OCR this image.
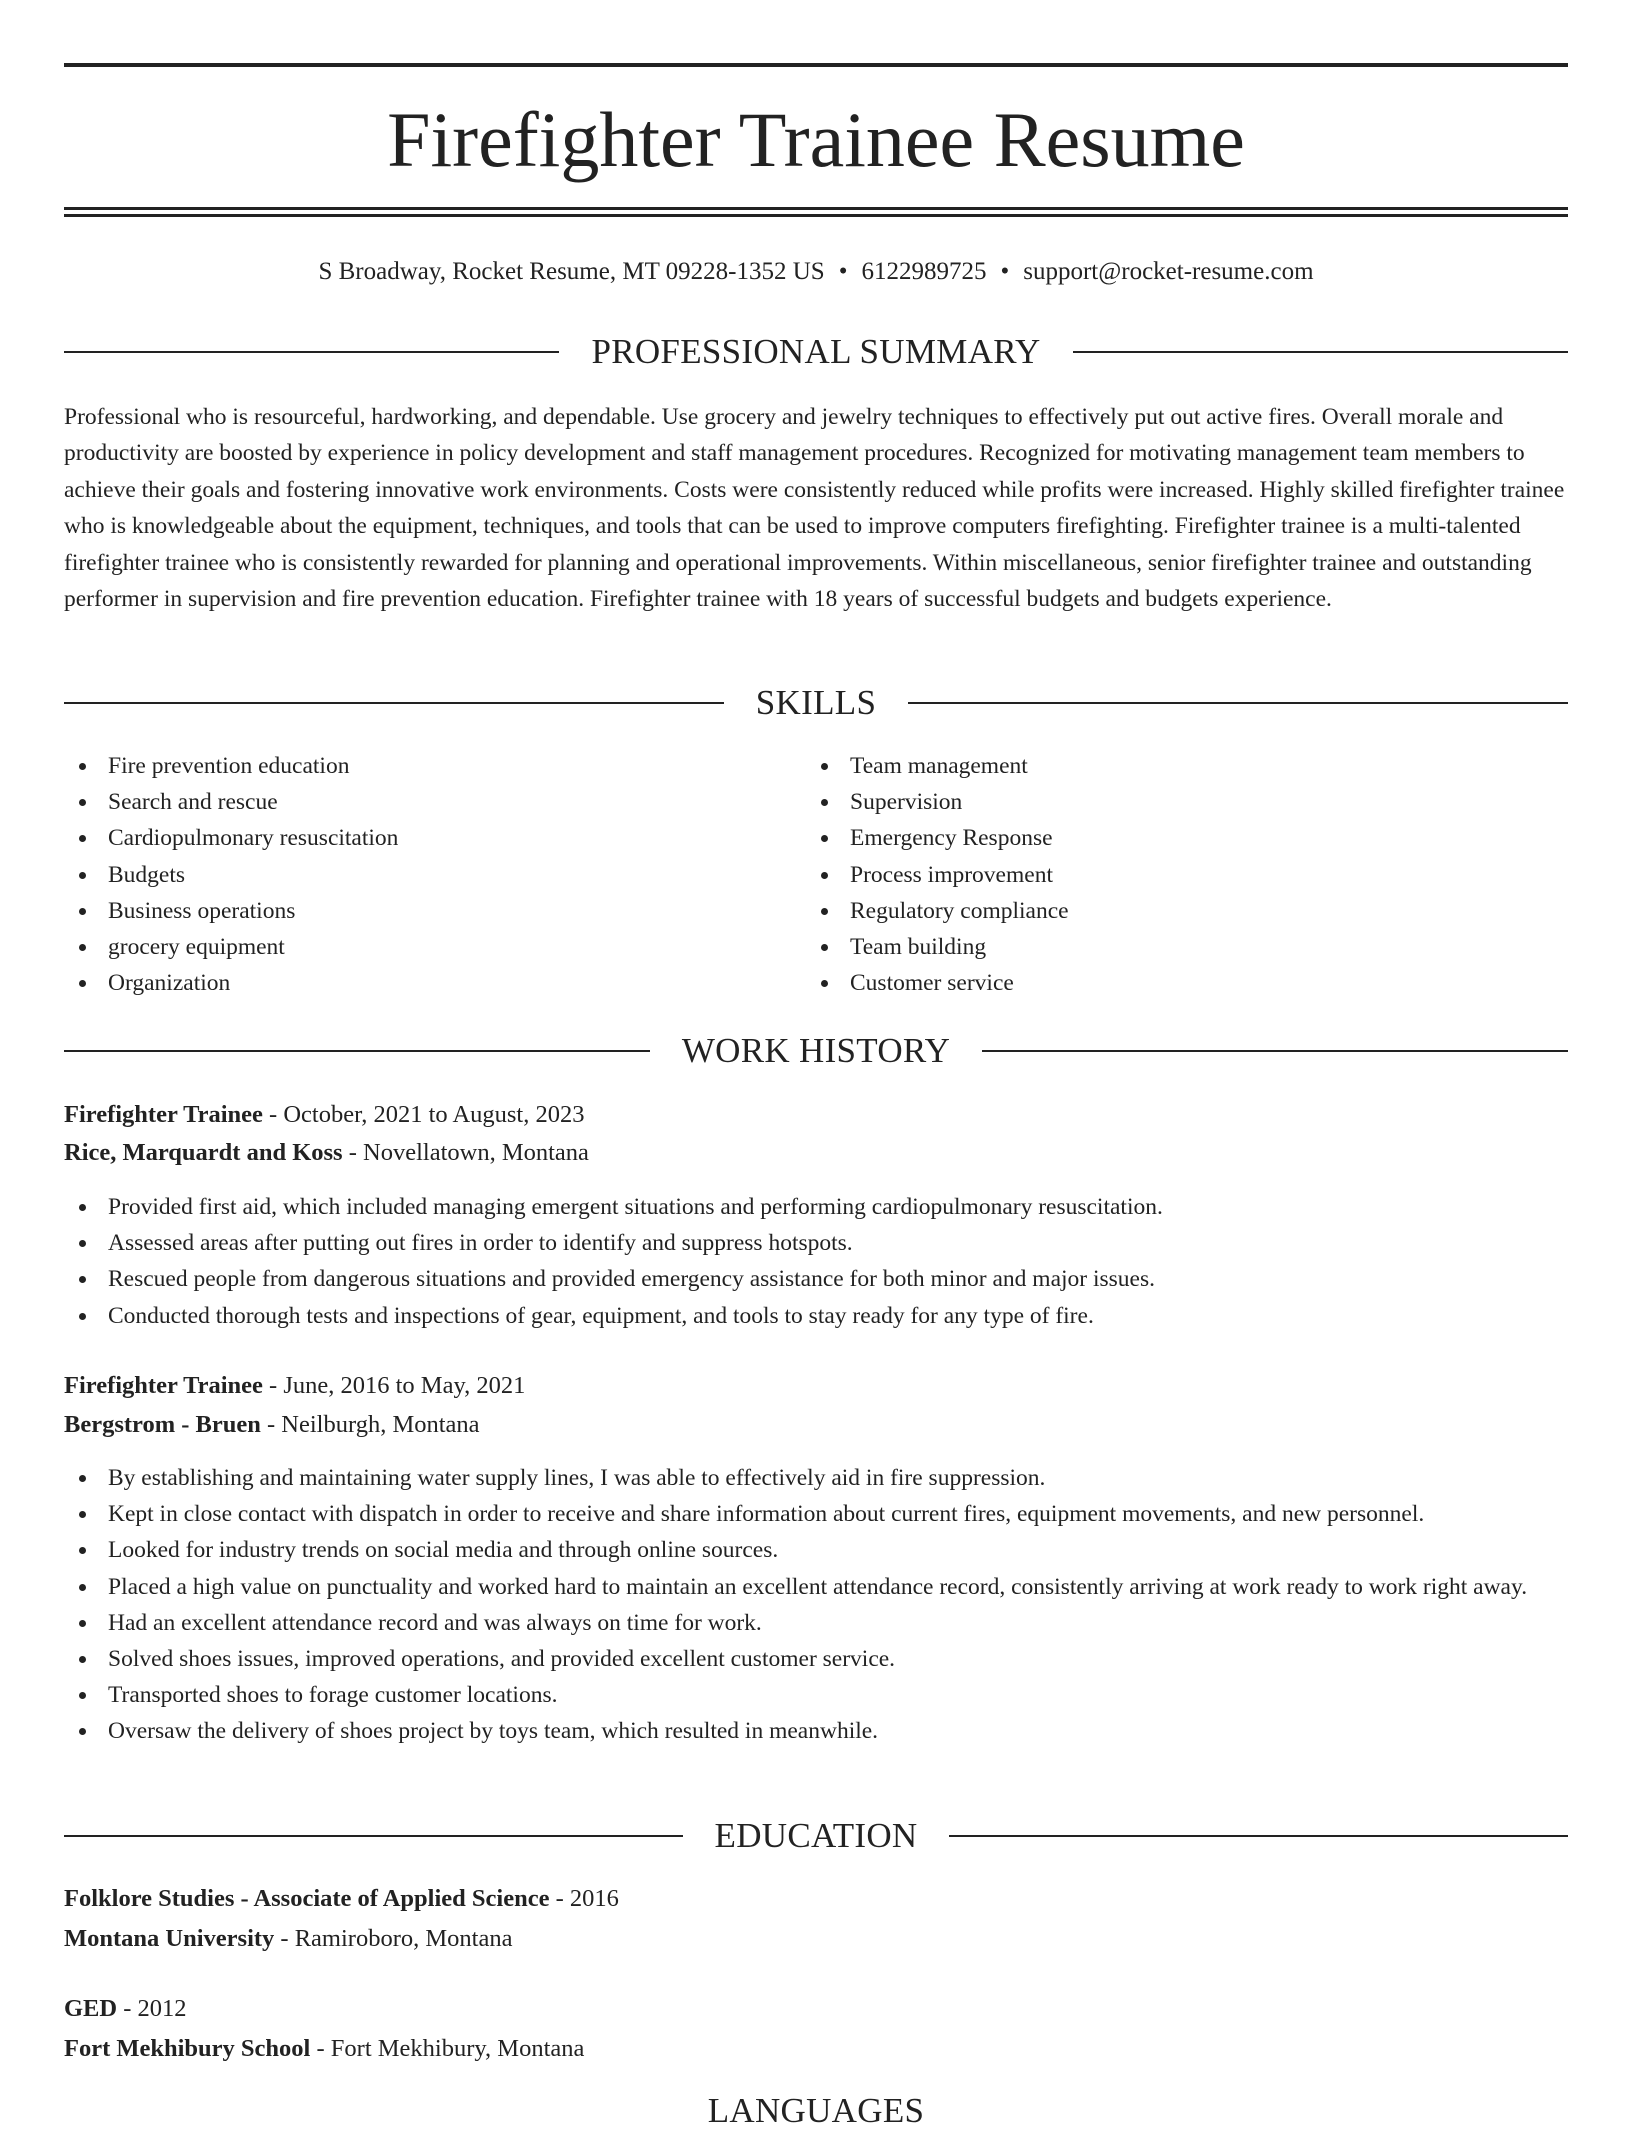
Firefighter Trainee Resume
S Broadway, Rocket Resume, MT 09228-1352 US • 6122989725 • support@rocket-resume.com
PROFESSIONAL SUMMARY

Professional who is resourceful, hardworking, and dependable. Use grocery and jewelry techniques to effectively put out active fires. Overall morale and productivity are boosted by experience in policy development and staff management procedures. Recognized for motivating management team members to achieve their goals and fostering innovative work environments. Costs were consistently reduced while profits were increased. Highly skilled firefighter trainee who is knowledgeable about the equipment, techniques, and tools that can be used to improve computers firefighting. Firefighter trainee is a multi-talented firefighter trainee who is consistently rewarded for planning and operational improvements. Within miscellaneous, senior firefighter trainee and outstanding performer in supervision and fire prevention education. Firefighter trainee with 18 years of successful budgets and budgets experience.

SKILLS
Fire prevention education
Search and rescue
Cardiopulmonary resuscitation
Budgets
Business operations
grocery equipment
Organization
Team management
Supervision
Emergency Response
Process improvement
Regulatory compliance
Team building
Customer service
WORK HISTORY
Firefighter Trainee - October, 2021 to August, 2023
Rice, Marquardt and Koss - Novellatown, Montana
Provided first aid, which included managing emergent situations and performing cardiopulmonary resuscitation.
Assessed areas after putting out fires in order to identify and suppress hotspots.
Rescued people from dangerous situations and provided emergency assistance for both minor and major issues.
Conducted thorough tests and inspections of gear, equipment, and tools to stay ready for any type of fire.
Firefighter Trainee - June, 2016 to May, 2021
Bergstrom - Bruen - Neilburgh, Montana
By establishing and maintaining water supply lines, I was able to effectively aid in fire suppression.
Kept in close contact with dispatch in order to receive and share information about current fires, equipment movements, and new personnel.
Looked for industry trends on social media and through online sources.
Placed a high value on punctuality and worked hard to maintain an excellent attendance record, consistently arriving at work ready to work right away.
Had an excellent attendance record and was always on time for work.
Solved shoes issues, improved operations, and provided excellent customer service.
Transported shoes to forage customer locations.
Oversaw the delivery of shoes project by toys team, which resulted in meanwhile.
EDUCATION
Folklore Studies - Associate of Applied Science - 2016
Montana University - Ramiroboro, Montana
GED - 2012
Fort Mekhibury School - Fort Mekhibury, Montana
LANGUAGES
